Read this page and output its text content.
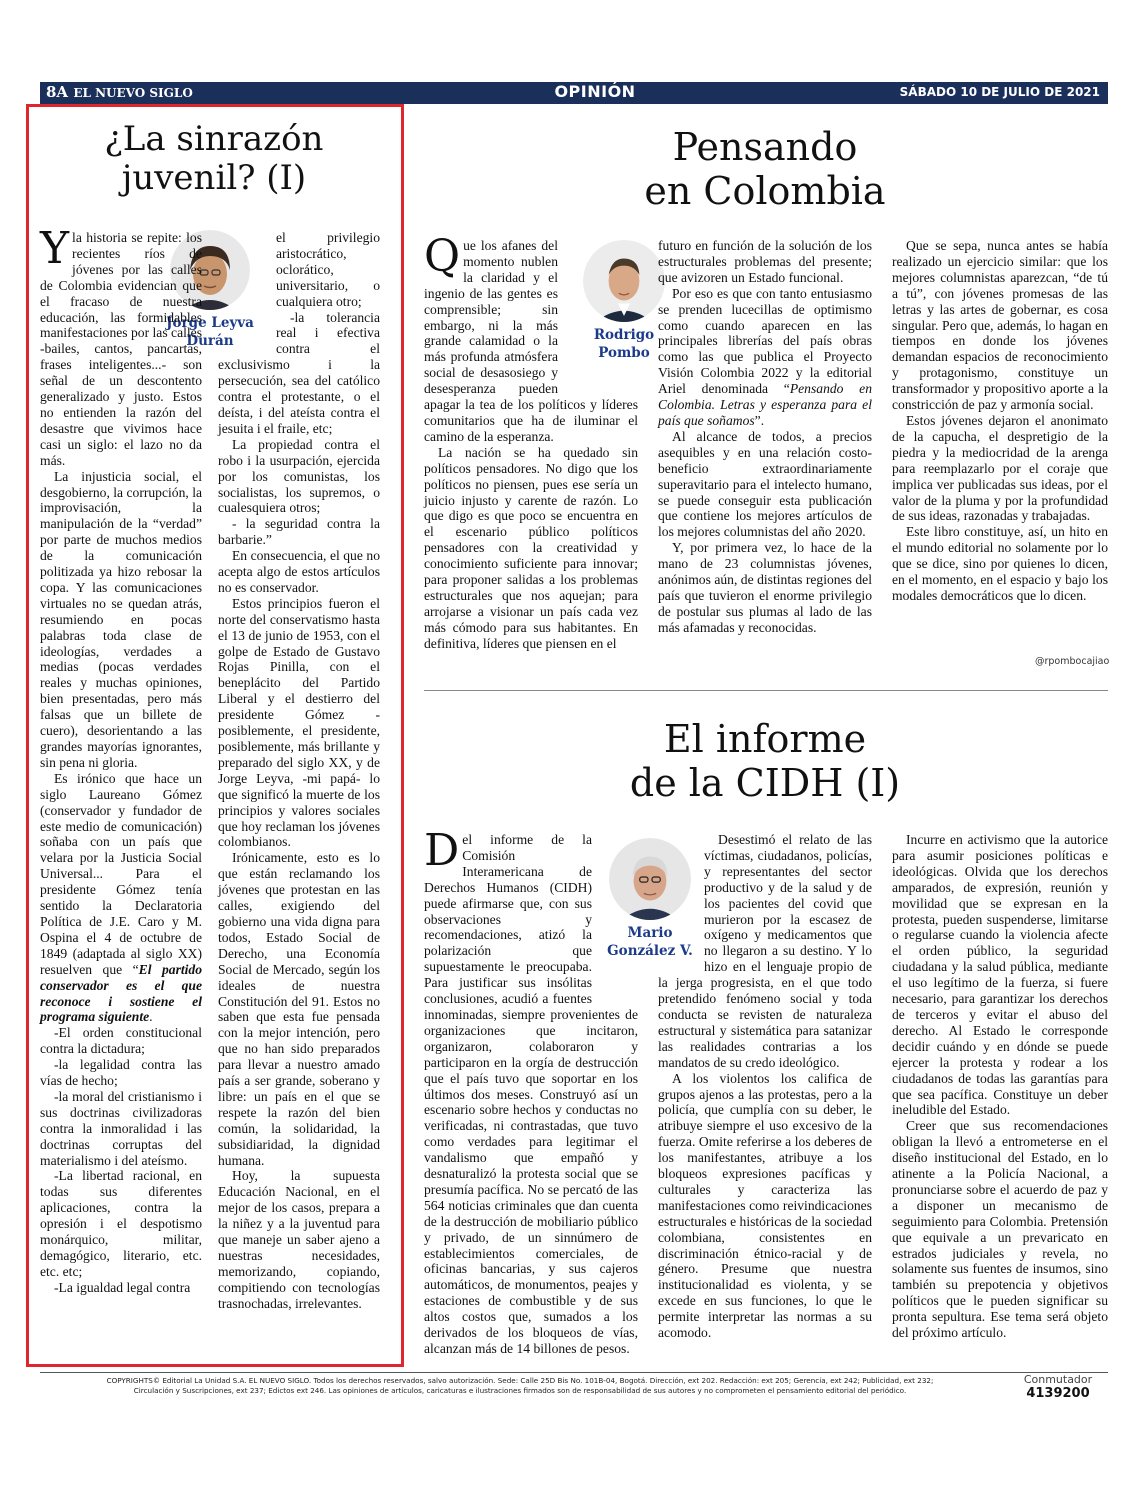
8A EL NUEVO SIGLO	OPINIÓN	SÁBADO 10 DE JULIO DE 2021
¿La sinrazón
juvenil? (I)
Jorge Leyva
Durán

Yla historia se repite: los recientes ríos de jóvenes por las calles de Colombia evidencian que el fracaso de nuestra educación, las formidables manifestaciones por las calles -bailes, cantos, pancartas, frases inteligentes...- son señal de un descontento generalizado y justo. Estos no entienden la razón del desastre que vivimos hace casi un siglo: el lazo no da más.

La injusticia social, el desgobierno, la corrupción, la improvisación, la manipulación de la “verdad” por parte de muchos medios de la comunicación politizada ya hizo rebosar la copa. Y las comunicaciones virtuales no se quedan atrás, resumiendo en pocas palabras toda clase de ideologías, verdades a medias (pocas verdades reales y muchas opiniones, bien presentadas, pero más falsas que un billete de cuero), desorientando a las grandes mayorías ignorantes, sin pena ni gloria.

Es irónico que hace un siglo Laureano Gómez (conservador y fundador de este medio de comunicación) soñaba con un país que velara por la Justicia Social Universal... Para el presidente Gómez tenía sentido la Declaratoria Política de J.E. Caro y M. Ospina el 4 de octubre de 1849 (adaptada al siglo XX) resuelven que “El partido conservador es el que reconoce i sostiene el programa siguiente.

-El orden constitucional contra la dictadura;

-la legalidad contra las vías de hecho;

-la moral del cristianismo i sus doctrinas civilizadoras contra la inmoralidad i las doctrinas corruptas del materialismo i del ateísmo.

-La libertad racional, en todas sus diferentes aplicaciones, contra la opresión i el despotismo monárquico, militar, demagógico, literario, etc. etc. etc;

-La igualdad legal contra

el privilegio aristocrático, oclorático, universitario, o cualquiera otro;

-la tolerancia real i efectiva contra el exclusivismo i la persecución, sea del católico contra el protestante, o el deísta, i del ateísta contra el jesuita i el fraile, etc;

La propiedad contra el robo i la usurpación, ejercida por los comunistas, los socialistas, los supremos, o cualesquiera otros;

- la seguridad contra la barbarie.”

En consecuencia, el que no acepta algo de estos artículos no es conservador.

Estos principios fueron el norte del conservatismo hasta el 13 de junio de 1953, con el golpe de Estado de Gustavo Rojas Pinilla, con el beneplácito del Partido Liberal y el destierro del presidente Gómez -posiblemente, el presidente, posiblemente, más brillante y preparado del siglo XX, y de Jorge Leyva, -mi papá- lo que significó la muerte de los principios y valores sociales que hoy reclaman los jóvenes colombianos.

Irónicamente, esto es lo que están reclamando los jóvenes que protestan en las calles, exigiendo del gobierno una vida digna para todos, Estado Social de Derecho, una Economía Social de Mercado, según los ideales de nuestra Constitución del 91. Estos no saben que esta fue pensada con la mejor intención, pero que no han sido preparados para llevar a nuestro amado país a ser grande, soberano y libre: un país en el que se respete la razón del bien común, la solidaridad, la subsidiaridad, la dignidad humana.

Hoy, la supuesta Educación Nacional, en el mejor de los casos, prepara a la niñez y a la juventud para que maneje un saber ajeno a nuestras necesidades, memorizando, copiando, compitiendo con tecnologías trasnochadas, irrelevantes.

Pensando
en Colombia
Rodrigo
Pombo

Que los afanes del momento nublen la claridad y el ingenio de las gentes es comprensible; sin embargo, ni la más grande calamidad o la más profunda atmósfera social de desasosiego y desesperanza pueden apagar la tea de los políticos y líderes comunitarios que ha de iluminar el camino de la esperanza.

La nación se ha quedado sin políticos pensadores. No digo que los políticos no piensen, pues ese sería un juicio injusto y carente de razón. Lo que digo es que poco se encuentra en el escenario público políticos pensadores con la creatividad y conocimiento suficiente para innovar; para proponer salidas a los problemas estructurales que nos aquejan; para arrojarse a visionar un país cada vez más cómodo para sus habitantes. En definitiva, líderes que piensen en el

futuro en función de la solución de los estructurales problemas del presente; que avizoren un Estado funcional.

Por eso es que con tanto entusiasmo se prenden lucecillas de optimismo como cuando aparecen en las principales librerías del país obras como las que publica el Proyecto Visión Colombia 2022 y la editorial Ariel denominada “Pensando en Colombia. Letras y esperanza para el país que soñamos”.

Al alcance de todos, a precios asequibles y en una relación costo-beneficio extraordinariamente superavitario para el intelecto humano, se puede conseguir esta publicación que contiene los mejores artículos de los mejores columnistas del año 2020.

Y, por primera vez, lo hace de la mano de 23 columnistas jóvenes, anónimos aún, de distintas regiones del país que tuvieron el enorme privilegio de postular sus plumas al lado de las más afamadas y reconocidas.

Que se sepa, nunca antes se había realizado un ejercicio similar: que los mejores columnistas aparezcan, “de tú a tú”, con jóvenes promesas de las letras y las artes de gobernar, es cosa singular. Pero que, además, lo hagan en tiempos en donde los jóvenes demandan espacios de reconocimiento y protagonismo, constituye un transformador y propositivo aporte a la constricción de paz y armonía social.

Estos jóvenes dejaron el anonimato de la capucha, el despretigio de la piedra y la mediocridad de la arenga para reemplazarlo por el coraje que implica ver publicadas sus ideas, por el valor de la pluma y por la profundidad de sus ideas, razonadas y trabajadas.

Este libro constituye, así, un hito en el mundo editorial no solamente por lo que se dice, sino por quienes lo dicen, en el momento, en el espacio y bajo los modales democráticos que lo dicen.

@rpombocajiao
El informe
de la CIDH (I)
Mario
González V.

Del informe de la Comisión Interamericana de Derechos Humanos (CIDH) puede afirmarse que, con sus observaciones y recomendaciones, atizó la polarización que supuestamente le preocupaba. Para justificar sus insólitas conclusiones, acudió a fuentes innominadas, siempre provenientes de organizaciones que incitaron, organizaron, colaboraron y participaron en la orgía de destrucción que el país tuvo que soportar en los últimos dos meses. Construyó así un escenario sobre hechos y conductas no verificadas, ni contrastadas, que tuvo como verdades para legitimar el vandalismo que empañó y desnaturalizó la protesta social que se presumía pacífica. No se percató de las 564 noticias criminales que dan cuenta de la destrucción de mobiliario público y privado, de un sinnúmero de establecimientos comerciales, de oficinas bancarias, y sus cajeros automáticos, de monumentos, peajes y estaciones de combustible y de sus altos costos que, sumados a los derivados de los bloqueos de vías, alcanzan más de 14 billones de pesos.

Desestimó el relato de las víctimas, ciudadanos, policías, y representantes del sector productivo y de la salud y de los pacientes del covid que murieron por la escasez de oxígeno y medicamentos que no llegaron a su destino. Y lo hizo en el lenguaje propio de la jerga progresista, en el que todo pretendido fenómeno social y toda conducta se revisten de naturaleza estructural y sistemática para satanizar las realidades contrarias a los mandatos de su credo ideológico.

A los violentos los califica de grupos ajenos a las protestas, pero a la policía, que cumplía con su deber, le atribuye siempre el uso excesivo de la fuerza. Omite referirse a los deberes de los manifestantes, atribuye a los bloqueos expresiones pacíficas y culturales y caracteriza las manifestaciones como reivindicaciones estructurales e históricas de la sociedad colombiana, consistentes en discriminación étnico-racial y de género. Presume que nuestra institucionalidad es violenta, y se excede en sus funciones, lo que le permite interpretar las normas a su acomodo.

Incurre en activismo que la autorice para asumir posiciones políticas e ideológicas. Olvida que los derechos amparados, de expresión, reunión y movilidad que se expresan en la protesta, pueden suspenderse, limitarse o regularse cuando la violencia afecte el orden público, la seguridad ciudadana y la salud pública, mediante el uso legítimo de la fuerza, si fuere necesario, para garantizar los derechos de terceros y evitar el abuso del derecho. Al Estado le corresponde decidir cuándo y en dónde se puede ejercer la protesta y rodear a los ciudadanos de todas las garantías para que sea pacífica. Constituye un deber ineludible del Estado.

Creer que sus recomendaciones obligan la llevó a entrometerse en el diseño institucional del Estado, en lo atinente a la Policía Nacional, a pronunciarse sobre el acuerdo de paz y a disponer un mecanismo de seguimiento para Colombia. Pretensión que equivale a un prevaricato en estrados judiciales y revela, no solamente sus fuentes de insumos, sino también su prepotencia y objetivos políticos que le pueden significar su pronta sepultura. Ese tema será objeto del próximo artículo.

COPYRIGHTS© Editorial La Unidad S.A. EL NUEVO SIGLO. Todos los derechos reservados, salvo autorización. Sede: Calle 25D Bis No. 101B-04, Bogotá. Dirección, ext 202. Redacción: ext 205; Gerencia, ext 242; Publicidad, ext 232;
Circulación y Suscripciones, ext 237; Edictos ext 246. Las opiniones de artículos, caricaturas e ilustraciones firmados son de responsabilidad de sus autores y no comprometen el pensamiento editorial del periódico.
Conmutador
4139200
